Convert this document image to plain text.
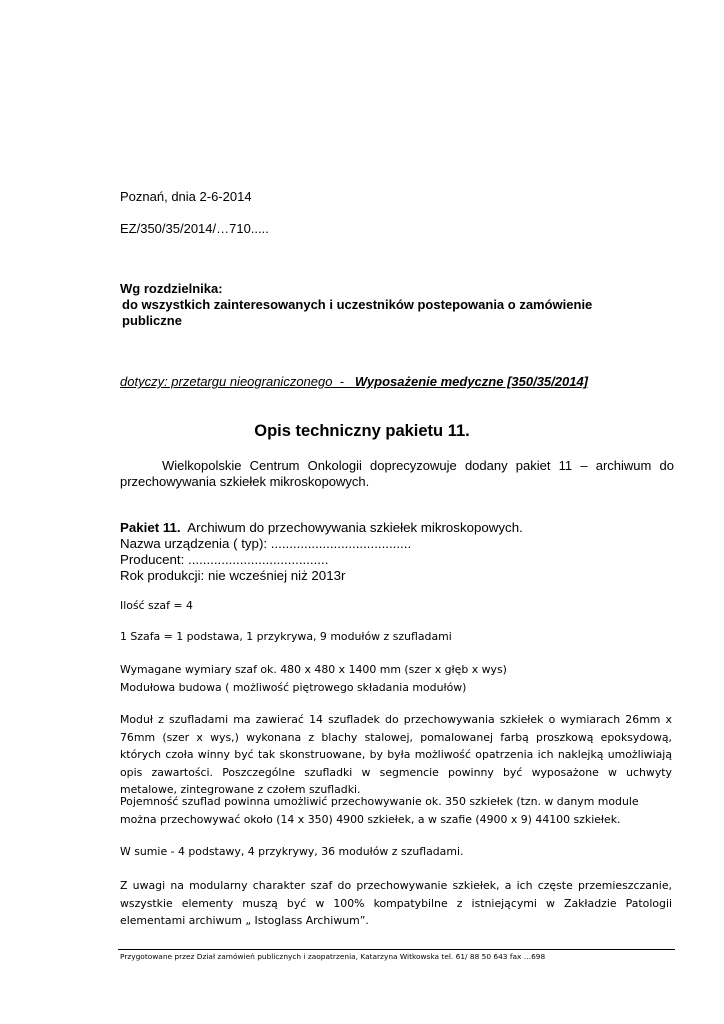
Poznań, dnia 2-6-2014

EZ/350/35/2014/…710.....

Wg rozdzielnika:

do wszystkich zainteresowanych i uczestników postepowania o zamówienie publiczne

dotyczy: przetargu nieograniczonego  -   Wyposażenie medyczne [350/35/2014]

Opis techniczny pakietu 11.

Wielkopolskie Centrum Onkologii doprecyzowuje dodany pakiet 11 – archiwum do przechowywania szkiełek mikroskopowych.

Pakiet 11.  Archiwum do przechowywania szkiełek mikroskopowych.
Nazwa urządzenia ( typ): ......................................
Producent: ......................................
Rok produkcji: nie wcześniej niż 2013r

Ilość szaf = 4

1 Szafa = 1 podstawa, 1 przykrywa, 9 modułów z szufladami

Wymagane wymiary szaf ok. 480 x 480 x 1400 mm (szer x głęb x wys)
Modułowa budowa ( możliwość piętrowego składania modułów)

Moduł z szufladami ma zawierać 14 szufladek do przechowywania szkiełek o wymiarach 26mm x 76mm (szer x wys,) wykonana z blachy stalowej, pomalowanej farbą proszkową epoksydową, których czoła winny być tak skonstruowane, by była możliwość opatrzenia ich naklejką umożliwiają opis zawartości. Poszczególne szufladki w segmencie powinny być wyposażone w uchwyty metalowe, zintegrowane z czołem szufladki.

Pojemność szuflad powinna umożliwić przechowywanie ok. 350 szkiełek (tzn. w danym module można przechowywać około (14 x 350) 4900 szkiełek, a w szafie (4900 x 9) 44100 szkiełek.

W sumie - 4 podstawy, 4 przykrywy, 36 modułów z szufladami.

Z uwagi na modularny charakter szaf do przechowywanie szkiełek, a ich częste przemieszczanie, wszystkie elementy muszą być w 100% kompatybilne z istniejącymi w Zakładzie Patologii elementami archiwum „ Istoglass Archiwum”.

Przygotowane przez Dział zamówień publicznych i zaopatrzenia, Katarzyna Witkowska tel. 61/ 88 50 643 fax …698
